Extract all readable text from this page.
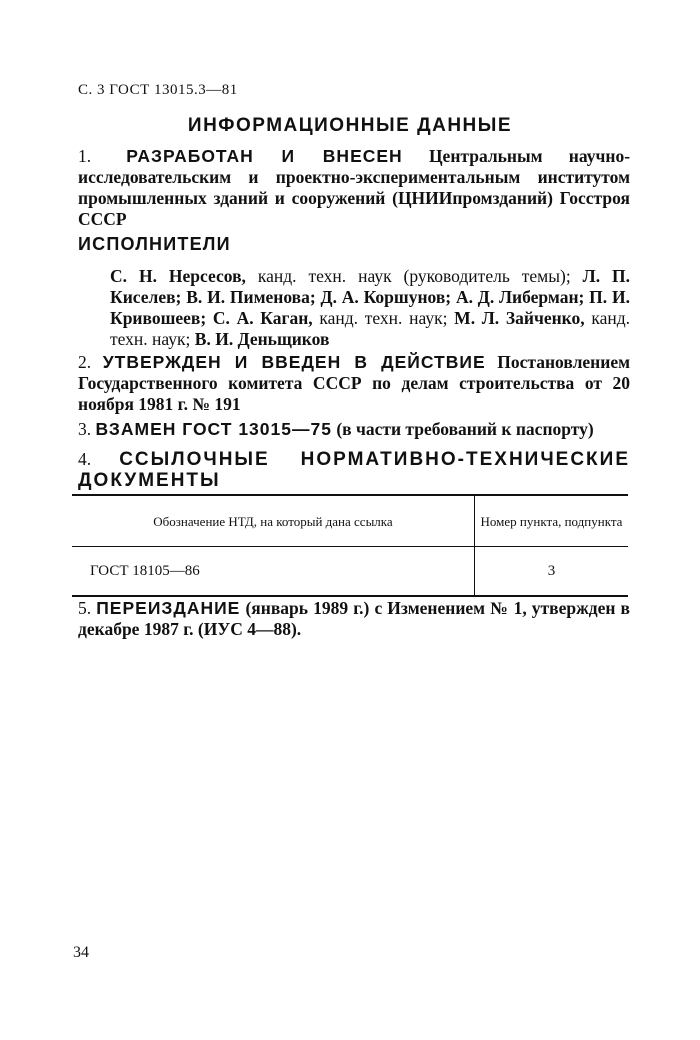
С. 3 ГОСТ 13015.3—81
ИНФОРМАЦИОННЫЕ ДАННЫЕ
1. РАЗРАБОТАН И ВНЕСЕН Центральным научно-исследовательским и проектно-экспериментальным институтом промышленных зданий и сооружений (ЦНИИпромзданий) Госстроя СССР
ИСПОЛНИТЕЛИ
С. Н. Нерсесов, канд. техн. наук (руководитель темы); Л. П. Киселев; В. И. Пименова; Д. А. Коршунов; А. Д. Либерман; П. И. Кривошеев; С. А. Каган, канд. техн. наук; М. Л. Зайченко, канд. техн. наук; В. И. Деньщиков
2. УТВЕРЖДЕН И ВВЕДЕН В ДЕЙСТВИЕ Постановлением Государственного комитета СССР по делам строительства от 20 ноября 1981 г. № 191
3. ВЗАМЕН ГОСТ 13015—75 (в части требований к паспорту)
4. ССЫЛОЧНЫЕ НОРМАТИВНО-ТЕХНИЧЕСКИЕ ДОКУМЕНТЫ
Обозначение НТД, на который дана ссылка	Номер пункта, подпункта
ГОСТ 18105—86	3
5. ПЕРЕИЗДАНИЕ (январь 1989 г.) с Изменением № 1, утвержден в декабре 1987 г. (ИУС 4—88).
34
